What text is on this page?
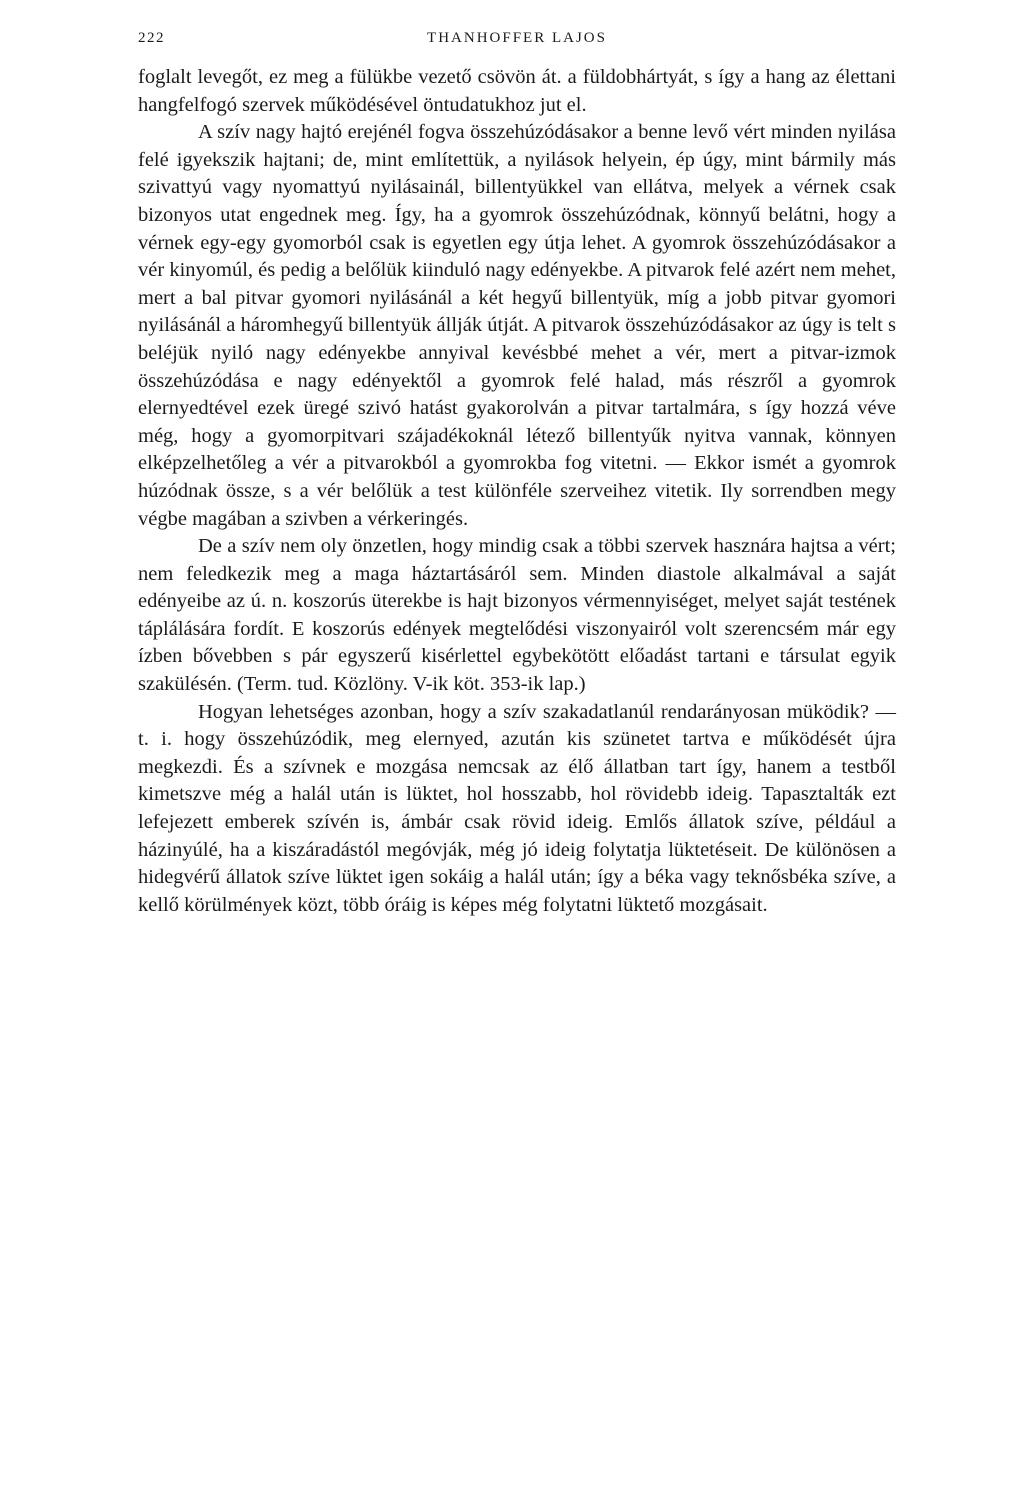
222	THANHOFFER LAJOS

foglalt levegőt, ez meg a fülükbe vezető csövön át. a füldobhártyát, s így a hang az élettani hangfelfogó szervek működésével öntudatukhoz jut el.

A szív nagy hajtó erejénél fogva összehúzódásakor a benne levő vért minden nyilása felé igyekszik hajtani; de, mint említettük, a nyilások helyein, ép úgy, mint bármily más szivattyú vagy nyomattyú nyilásainál, billentyükkel van ellátva, melyek a vérnek csak bizonyos utat engednek meg. Így, ha a gyomrok összehúzódnak, könnyű belátni, hogy a vérnek egy-egy gyomorból csak is egyetlen egy útja lehet. A gyomrok összehúzódásakor a vér kinyomúl, és pedig a belőlük kiinduló nagy edényekbe. A pitvarok felé azért nem mehet, mert a bal pitvar gyomori nyilásánál a két hegyű billentyük, míg a jobb pitvar gyomori nyilásánál a háromhegyű billentyük állják útját. A pitvarok összehúzódásakor az úgy is telt s beléjük nyiló nagy edényekbe annyival kevésbbé mehet a vér, mert a pitvar-izmok összehúzódása e nagy edényektől a gyomrok felé halad, más részről a gyomrok elernyedtével ezek üregé szivó hatást gyakorolván a pitvar tartalmára, s így hozzá véve még, hogy a gyomorpitvari szájadékoknál létező billentyűk nyitva vannak, könnyen elképzelhetőleg a vér a pitvarokból a gyomrokba fog vitetni. — Ekkor ismét a gyomrok húzódnak össze, s a vér belőlük a test különféle szerveihez vitetik. Ily sorrendben megy végbe magában a szivben a vérkeringés.

De a szív nem oly önzetlen, hogy mindig csak a többi szervek hasznára hajtsa a vért; nem feledkezik meg a maga háztartásáról sem. Minden diastole alkalmával a saját edényeibe az ú. n. koszorús üterekbe is hajt bizonyos vérmennyiséget, melyet saját testének táplálására fordít. E koszorús edények megtelődési viszonyairól volt szerencsém már egy ízben bővebben s pár egyszerű kisérlettel egybekötött előadást tartani e társulat egyik szakülésén. (Term. tud. Közlöny. V-ik köt. 353-ik lap.)

Hogyan lehetséges azonban, hogy a szív szakadatlanúl rendarányosan müködik? — t. i. hogy összehúzódik, meg elernyed, azután kis szünetet tartva e működését újra megkezdi. És a szívnek e mozgása nemcsak az élő állatban tart így, hanem a testből kimetszve még a halál után is lüktet, hol hosszabb, hol rövidebb ideig. Tapasztalták ezt lefejezett emberek szívén is, ámbár csak rövid ideig. Emlős állatok szíve, például a házinyúlé, ha a kiszáradástól megóvják, még jó ideig folytatja lüktetéseit. De különösen a hidegvérű állatok szíve lüktet igen sokáig a halál után; így a béka vagy teknősbéka szíve, a kellő körülmények közt, több óráig is képes még folytatni lüktető mozgásait.
